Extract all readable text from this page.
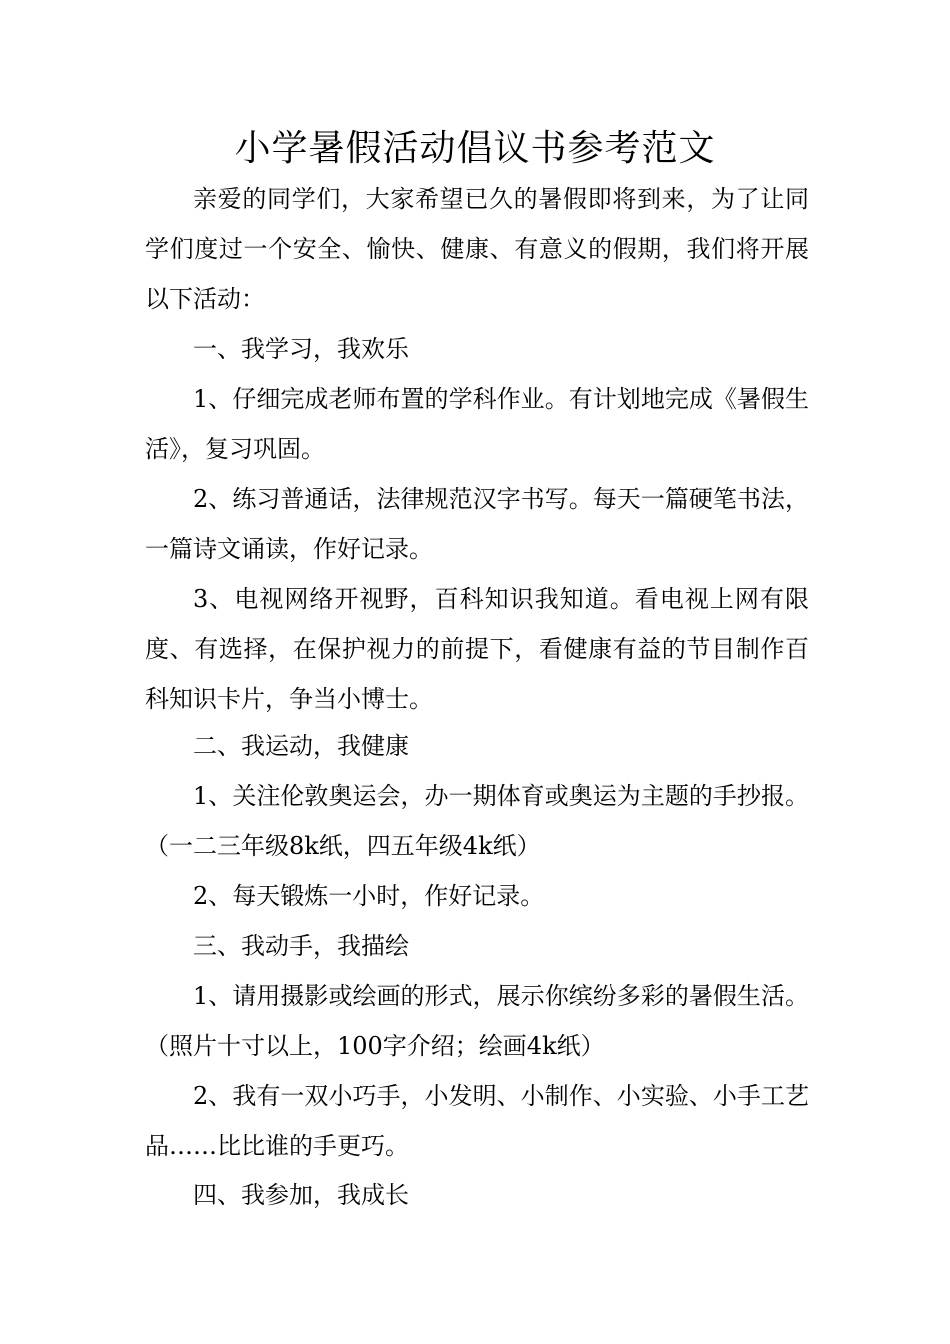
小学暑假活动倡议书参考范文

亲爱的同学们，大家希望已久的暑假即将到来，为了让同学们度过一个安全、愉快、健康、有意义的假期，我们将开展以下活动：

一、我学习，我欢乐

1、仔细完成老师布置的学科作业。有计划地完成《暑假生活》，复习巩固。

2、练习普通话，法律规范汉字书写。每天一篇硬笔书法，一篇诗文诵读，作好记录。

3、电视网络开视野，百科知识我知道。看电视上网有限度、有选择，在保护视力的前提下，看健康有益的节目制作百科知识卡片，争当小博士。

二、我运动，我健康

1、关注伦敦奥运会，办一期体育或奥运为主题的手抄报。（一二三年级8k纸，四五年级4k纸）

2、每天锻炼一小时，作好记录。

三、我动手，我描绘

1、请用摄影或绘画的形式，展示你缤纷多彩的暑假生活。（照片十寸以上，100字介绍；绘画4k纸）

2、我有一双小巧手，小发明、小制作、小实验、小手工艺品……比比谁的手更巧。

四、我参加，我成长
